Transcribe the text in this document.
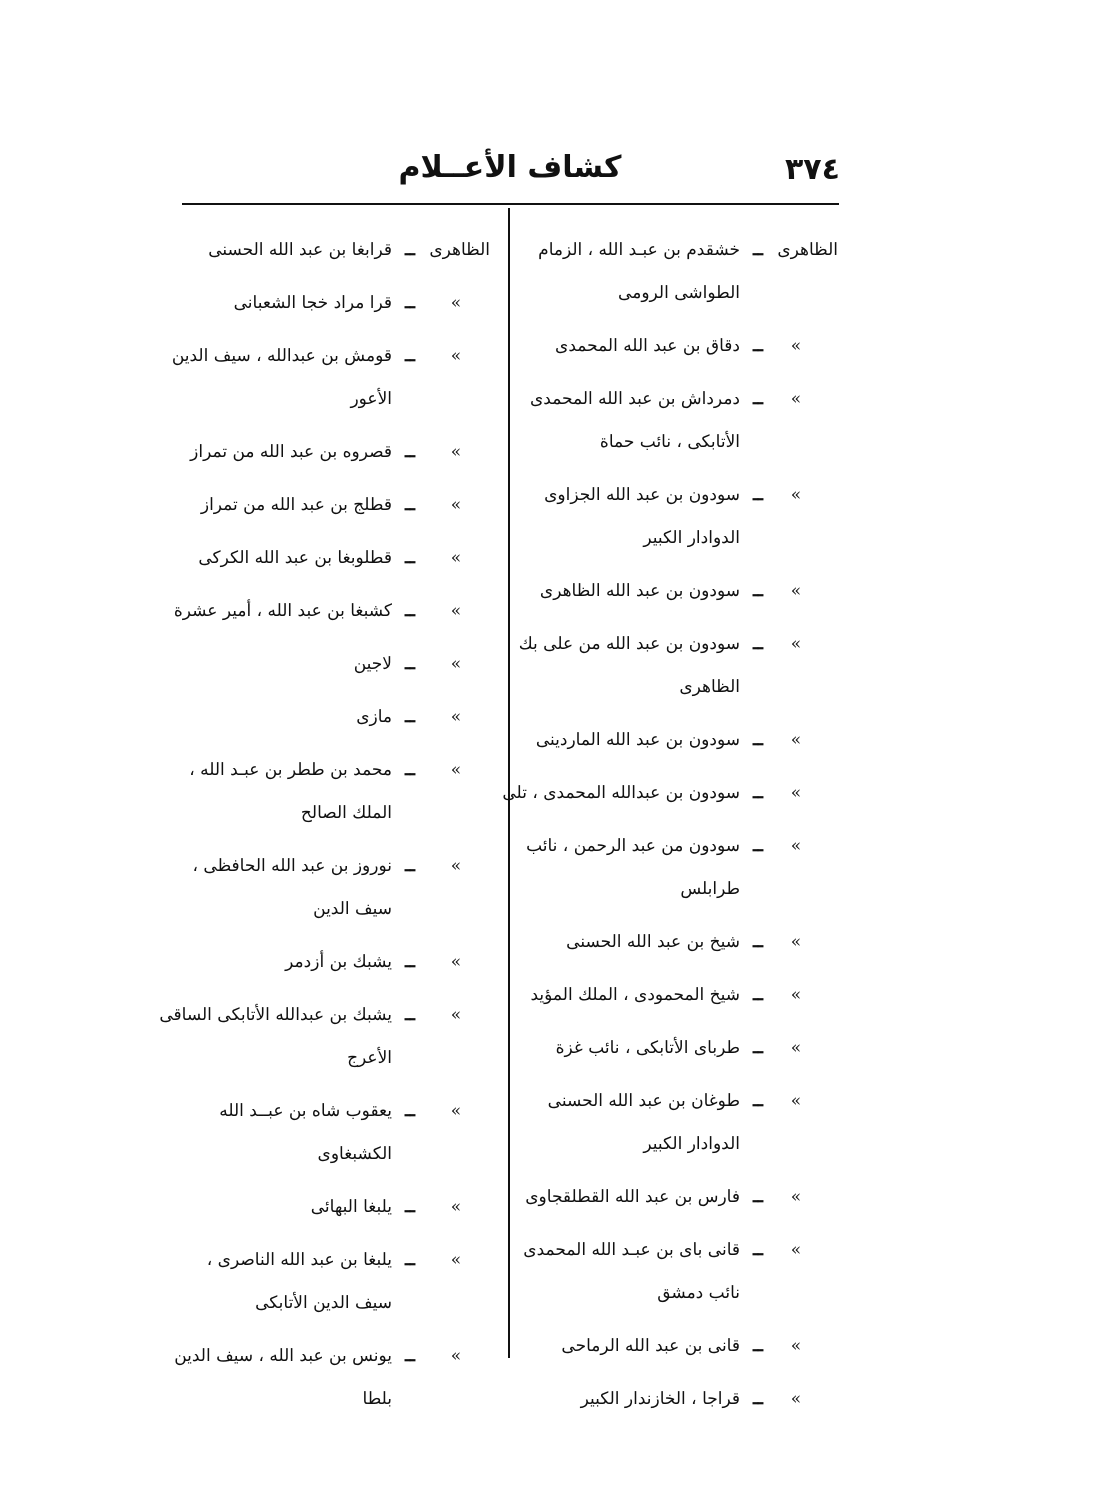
٣٧٤
كشاف الأعــلام
الظاهرى
ــ
خشقدم بن عبـد الله ، الزمام
الطواشى الرومى
»
ــ
دقاق بن عبد الله المحمدى
»
ــ
دمرداش بن عبد الله المحمدى
الأتابكى ، نائب حماة
»
ــ
سودون بن عبد الله الجزاوى
الدوادار الكبير
»
ــ
سودون بن عبد الله الظاهرى
»
ــ
سودون بن عبد الله من على بك
الظاهرى
»
ــ
سودون بن عبد الله الماردينى
»
ــ
سودون بن عبدالله المحمدى ، تلى
»
ــ
سودون من عبد الرحمن ، نائب
طرابلس
»
ــ
شيخ بن عبد الله الحسنى
»
ــ
شيخ المحمودى ، الملك المؤيد
»
ــ
طرباى الأتابكى ، نائب غزة
»
ــ
طوغان بن عبد الله الحسنى
الدوادار الكبير
»
ــ
فارس بن عبد الله القطلقجاوى
»
ــ
قانى باى بن عبـد الله المحمدى
نائب دمشق
»
ــ
قانى بن عبد الله الرماحى
»
ــ
قراجا ، الخازندار الكبير
الظاهرى
ــ
قرابغا بن عبد الله الحسنى
»
ــ
قرا مراد خجا الشعبانى
»
ــ
قومش بن عبدالله ، سيف الدين
الأعور
»
ــ
قصروه بن عبد الله من تمراز
»
ــ
قطلج بن عبد الله من تمراز
»
ــ
قطلوبغا بن عبد الله الكركى
»
ــ
كشبغا بن عبد الله ، أمير عشرة
»
ــ
لاجين
»
ــ
مازى
»
ــ
محمد بن ططر بن عبـد الله ،
الملك الصالح
»
ــ
نوروز بن عبد الله الحافظى ،
سيف الدين
»
ــ
يشبك بن أزدمر
»
ــ
يشبك بن عبدالله الأتابكى الساقى
الأعرج
»
ــ
يعقوب شاه بن عبــد الله
الكشبغاوى
»
ــ
يلبغا البهائى
»
ــ
يلبغا بن عبد الله الناصرى ،
سيف الدين الأتابكى
»
ــ
يونس بن عبد الله ، سيف الدين
بلطا
